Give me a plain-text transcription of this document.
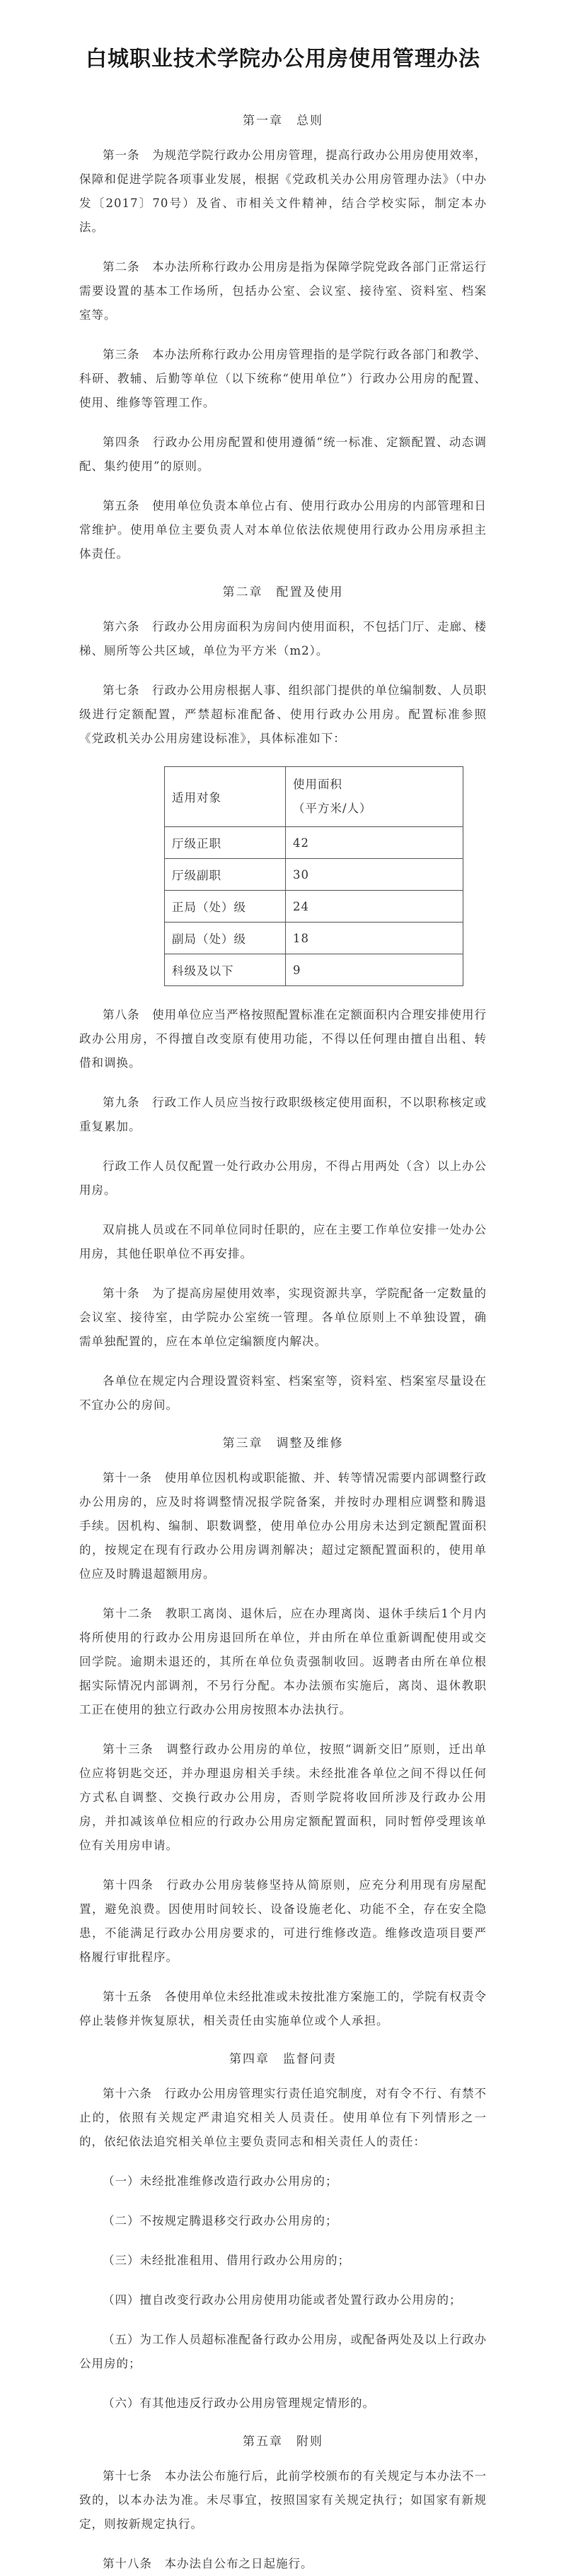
白城职业技术学院办公用房使用管理办法
第一章　总则

第一条　为规范学院行政办公用房管理，提高行政办公用房使用效率，保障和促进学院各项事业发展，根据《党政机关办公用房管理办法》（中办发〔2017〕70号）及省、市相关文件精神，结合学校实际，制定本办法。

第二条　本办法所称行政办公用房是指为保障学院党政各部门正常运行需要设置的基本工作场所，包括办公室、会议室、接待室、资料室、档案室等。

第三条　本办法所称行政办公用房管理指的是学院行政各部门和教学、科研、教辅、后勤等单位（以下统称“使用单位”）行政办公用房的配置、使用、维修等管理工作。

第四条　行政办公用房配置和使用遵循“统一标准、定额配置、动态调配、集约使用”的原则。

第五条　使用单位负责本单位占有、使用行政办公用房的内部管理和日常维护。使用单位主要负责人对本单位依法依规使用行政办公用房承担主体责任。

第二章　配置及使用

第六条　行政办公用房面积为房间内使用面积，不包括门厅、走廊、楼梯、厕所等公共区域，单位为平方米（m2）。

第七条　行政办公用房根据人事、组织部门提供的单位编制数、人员职级进行定额配置，严禁超标准配备、使用行政办公用房。配置标准参照《党政机关办公用房建设标准》，具体标准如下：

适用对象	使用面积
（平方米/人）

厅级正职	42
厅级副职	30
正局（处）级	24
副局（处）级	18
科级及以下	9

第八条　使用单位应当严格按照配置标准在定额面积内合理安排使用行政办公用房，不得擅自改变原有使用功能，不得以任何理由擅自出租、转借和调换。

第九条　行政工作人员应当按行政职级核定使用面积，不以职称核定或重复累加。

行政工作人员仅配置一处行政办公用房，不得占用两处（含）以上办公用房。

双肩挑人员或在不同单位同时任职的，应在主要工作单位安排一处办公用房，其他任职单位不再安排。

第十条　为了提高房屋使用效率，实现资源共享，学院配备一定数量的会议室、接待室，由学院办公室统一管理。各单位原则上不单独设置，确需单独配置的，应在本单位定编额度内解决。

各单位在规定内合理设置资料室、档案室等，资料室、档案室尽量设在不宜办公的房间。

第三章　调整及维修

第十一条　使用单位因机构或职能撤、并、转等情况需要内部调整行政办公用房的，应及时将调整情况报学院备案，并按时办理相应调整和腾退手续。因机构、编制、职数调整，使用单位办公用房未达到定额配置面积的，按规定在现有行政办公用房调剂解决；超过定额配置面积的，使用单位应及时腾退超额用房。

第十二条　教职工离岗、退休后，应在办理离岗、退休手续后1个月内将所使用的行政办公用房退回所在单位，并由所在单位重新调配使用或交回学院。逾期未退还的，其所在单位负责强制收回。返聘者由所在单位根据实际情况内部调剂，不另行分配。本办法颁布实施后，离岗、退休教职工正在使用的独立行政办公用房按照本办法执行。

第十三条　调整行政办公用房的单位，按照“调新交旧”原则，迁出单位应将钥匙交还，并办理退房相关手续。未经批准各单位之间不得以任何方式私自调整、交换行政办公用房，否则学院将收回所涉及行政办公用房，并扣减该单位相应的行政办公用房定额配置面积，同时暂停受理该单位有关用房申请。

第十四条　行政办公用房装修坚持从简原则，应充分利用现有房屋配置，避免浪费。因使用时间较长、设备设施老化、功能不全，存在安全隐患，不能满足行政办公用房要求的，可进行维修改造。维修改造项目要严格履行审批程序。

第十五条　各使用单位未经批准或未按批准方案施工的，学院有权责令停止装修并恢复原状，相关责任由实施单位或个人承担。

第四章　监督问责

第十六条　行政办公用房管理实行责任追究制度，对有令不行、有禁不止的，依照有关规定严肃追究相关人员责任。使用单位有下列情形之一的，依纪依法追究相关单位主要负责同志和相关责任人的责任：

（一）未经批准维修改造行政办公用房的；

（二）不按规定腾退移交行政办公用房的；

（三）未经批准租用、借用行政办公用房的；

（四）擅自改变行政办公用房使用功能或者处置行政办公用房的；

（五）为工作人员超标准配备行政办公用房，或配备两处及以上行政办公用房的；

（六）有其他违反行政办公用房管理规定情形的。

第五章　附则

第十七条　本办法公布施行后，此前学校颁布的有关规定与本办法不一致的，以本办法为准。未尽事宜，按照国家有关规定执行；如国家有新规定，则按新规定执行。

第十八条　本办法自公布之日起施行。
